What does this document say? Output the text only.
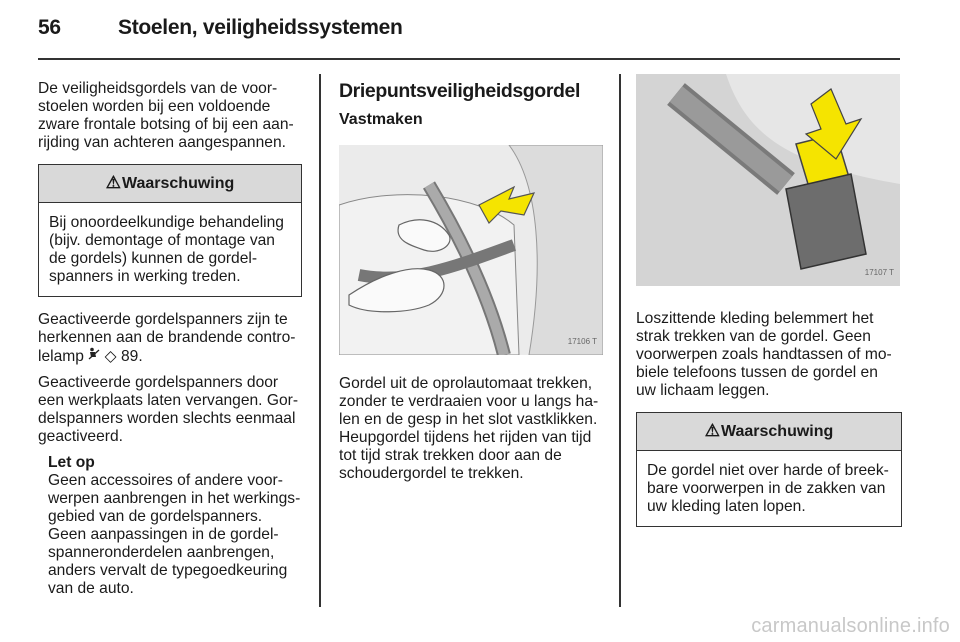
56	Stoelen, veiligheidssystemen

De veiligheidsgordels van de voor-stoelen worden bij een voldoende zware frontale botsing of bij een aan-rijding van achteren aangespannen.

⚠Waarschuwing
Bij onoordeelkundige behandeling (bijv. demontage of montage van de gordels) kunnen de gordel-spanners in werking treden.

Geactiveerde gordelspanners zijn te herkennen aan de brandende contro-lelamp ◇ 89.

Geactiveerde gordelspanners door een werkplaats laten vervangen. Gor-delspanners worden slechts eenmaal geactiveerd.

Let op
Geen accessoires of andere voor-werpen aanbrengen in het werkings-gebied van de gordelspanners. Geen aanpassingen in de gordel-spanneronderdelen aanbrengen, anders vervalt de typegoedkeuring van de auto.
Driepuntsveiligheidsgordel
Vastmaken
17106 T

Gordel uit de oprolautomaat trekken, zonder te verdraaien voor u langs ha-len en de gesp in het slot vastklikken. Heupgordel tijdens het rijden van tijd tot tijd strak trekken door aan de schoudergordel te trekken.

17107 T

Loszittende kleding belemmert het strak trekken van de gordel. Geen voorwerpen zoals handtassen of mo-biele telefoons tussen de gordel en uw lichaam leggen.

⚠Waarschuwing
De gordel niet over harde of breek-bare voorwerpen in de zakken van uw kleding laten lopen.
carmanualsonline.info
